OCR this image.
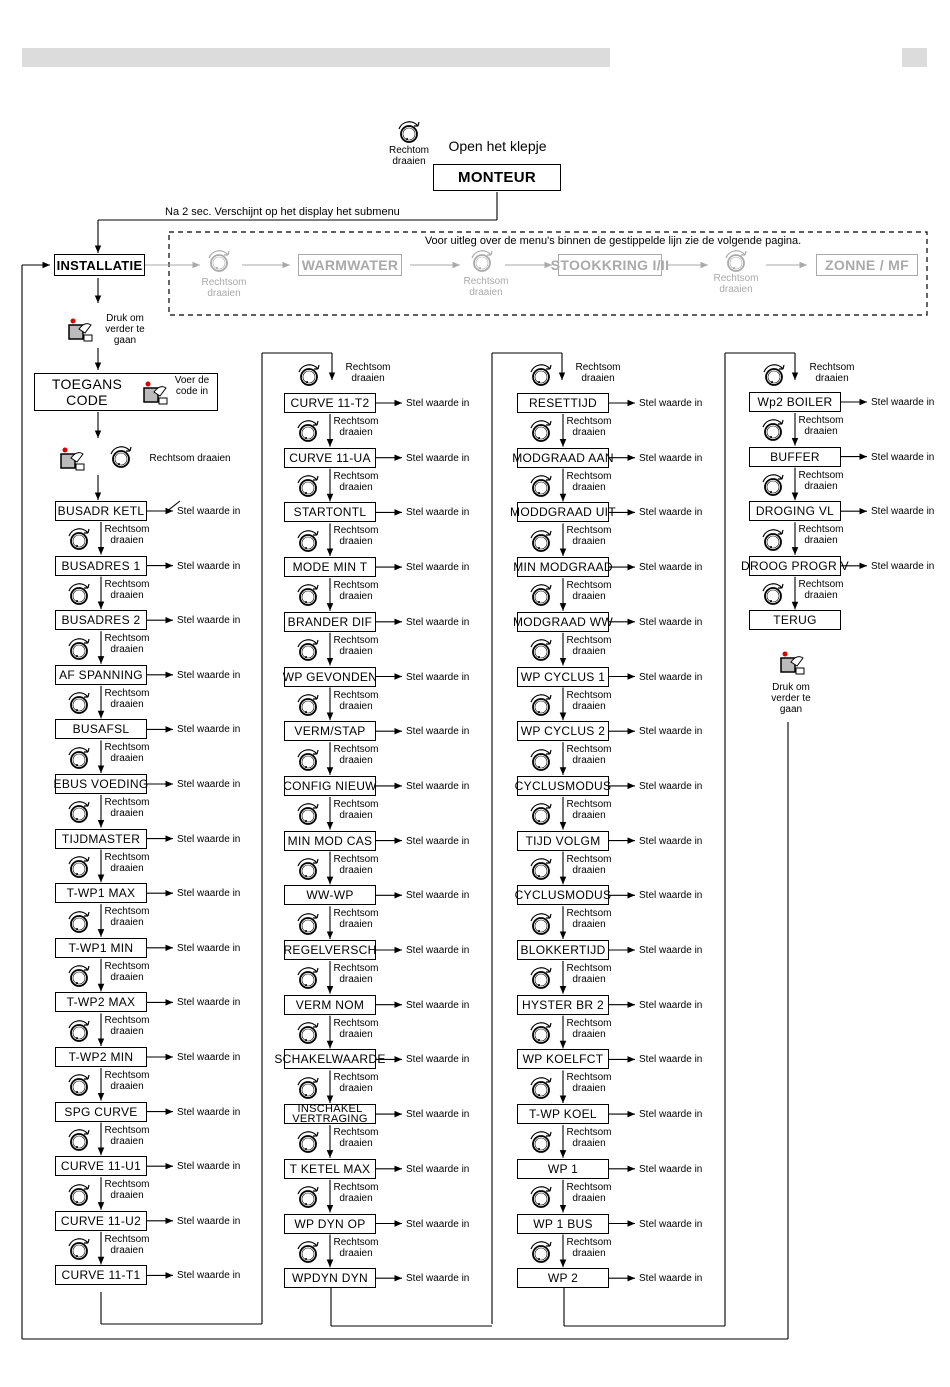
Rechtom
draaien
Open het klepje
MONTEUR
Na 2 sec. Verschijnt op het display het submenu
Voor uitleg over de menu's binnen de gestippelde lijn zie de volgende pagina.
INSTALLATIE
Rechtsom
draaien
WARMWATER
Rechtsom
draaien
STOOKKRING I/II
Rechtsom
draaien
ZONNE / MF
Druk om
verder te
gaan
TOEGANS
CODE
Voer de
code in
Rechtsom draaien
BUSADR KETL	Stel waarde in
Rechtsom
draaien
BUSADRES 1	Stel waarde in
Rechtsom
draaien
BUSADRES 2	Stel waarde in
Rechtsom
draaien
AF SPANNING	Stel waarde in
Rechtsom
draaien
BUSAFSL	Stel waarde in
Rechtsom
draaien
EBUS VOEDING	Stel waarde in
Rechtsom
draaien
TIJDMASTER	Stel waarde in
Rechtsom
draaien
T-WP1 MAX	Stel waarde in
Rechtsom
draaien
T-WP1 MIN	Stel waarde in
Rechtsom
draaien
T-WP2 MAX	Stel waarde in
Rechtsom
draaien
T-WP2 MIN	Stel waarde in
Rechtsom
draaien
SPG CURVE	Stel waarde in
Rechtsom
draaien
CURVE 11-U1	Stel waarde in
Rechtsom
draaien
CURVE 11-U2	Stel waarde in
Rechtsom
draaien
CURVE 11-T1	Stel waarde in
Rechtsom
draaien
CURVE 11-T2	Stel waarde in
Rechtsom
draaien
CURVE 11-UA	Stel waarde in
Rechtsom
draaien
STARTONTL	Stel waarde in
Rechtsom
draaien
MODE MIN T	Stel waarde in
Rechtsom
draaien
BRANDER DIF	Stel waarde in
Rechtsom
draaien
WP GEVONDEN	Stel waarde in
Rechtsom
draaien
VERM/STAP	Stel waarde in
Rechtsom
draaien
CONFIG NIEUW	Stel waarde in
Rechtsom
draaien
MIN MOD CAS	Stel waarde in
Rechtsom
draaien
WW-WP	Stel waarde in
Rechtsom
draaien
REGELVERSCH	Stel waarde in
Rechtsom
draaien
VERM NOM	Stel waarde in
Rechtsom
draaien
SCHAKELWAARDE Stel waarde in
Rechtsom
draaien
INSCHAKEL
VERTRAGING	Stel waarde in
Rechtsom
draaien
T KETEL MAX	Stel waarde in
Rechtsom
draaien
WP DYN OP	Stel waarde in
Rechtsom
draaien
WPDYN DYN	Stel waarde in
Rechtsom
draaien
RESETTIJD	Stel waarde in
Rechtsom
draaien
MODGRAAD AAN	Stel waarde in
Rechtsom
draaien
MODDGRAAD UIT Stel waarde in
Rechtsom
draaien
MIN MODGRAAD	Stel waarde in
Rechtsom
draaien
MODGRAAD WW	Stel waarde in
Rechtsom
draaien
WP CYCLUS 1	Stel waarde in
Rechtsom
draaien
WP CYCLUS 2	Stel waarde in
Rechtsom
draaien
CYCLUSMODUS	Stel waarde in
Rechtsom
draaien
TIJD VOLGM	Stel waarde in
Rechtsom
draaien
CYCLUSMODUS	Stel waarde in
Rechtsom
draaien
BLOKKERTIJD	Stel waarde in
Rechtsom
draaien
HYSTER BR 2	Stel waarde in
Rechtsom
draaien
WP KOELFCT	Stel waarde in
Rechtsom
draaien
T-WP KOEL	Stel waarde in
Rechtsom
draaien
WP 1	Stel waarde in
Rechtsom
draaien
WP 1 BUS	Stel waarde in
Rechtsom
draaien
WP 2	Stel waarde in
Rechtsom
draaien
Wp2 BOILER	Stel waarde in
Rechtsom
draaien
BUFFER	Stel waarde in
Rechtsom
draaien
DROGING VL	Stel waarde in
Rechtsom
draaien
DROOG PROGR V Stel waarde in
Rechtsom
draaien
TERUG
Druk om
verder te
gaan
